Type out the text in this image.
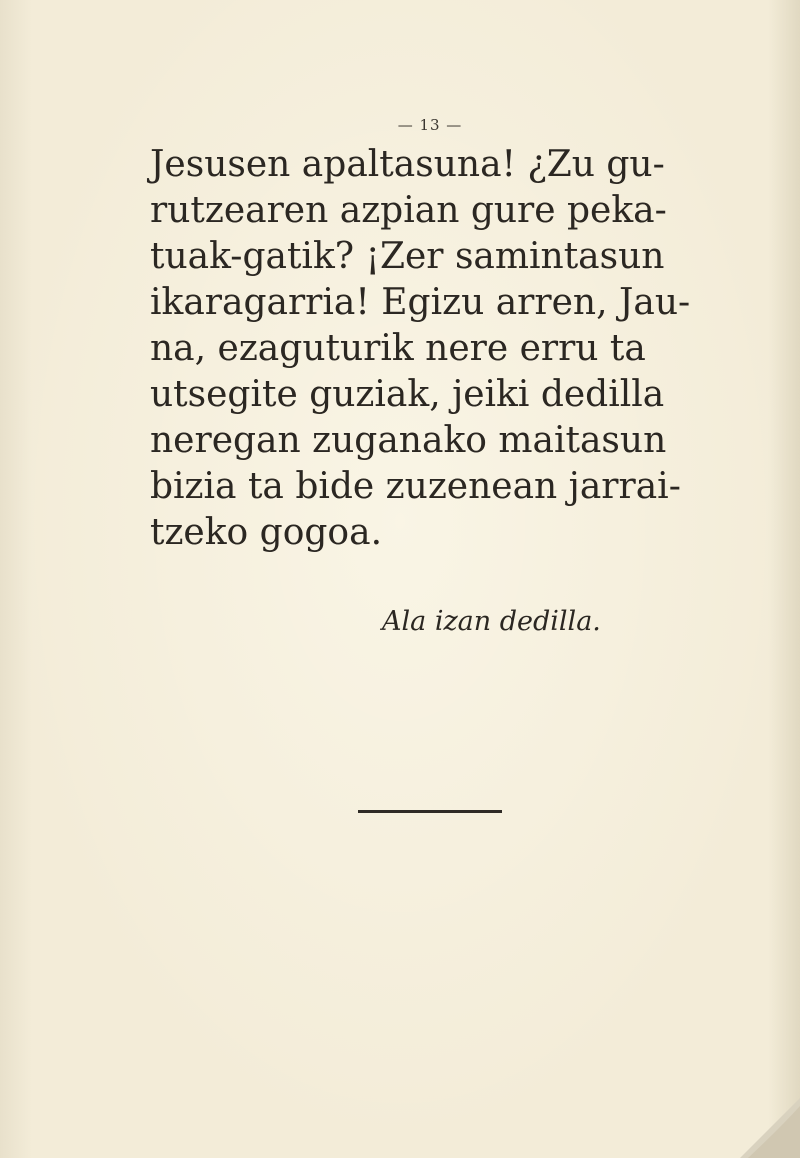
— 13 —
Jesusen apaltasuna! ¿Zu gu-
rutzearen azpian gure peka-
tuak-gatik? ¡Zer samintasun
ikaragarria! Egizu arren, Jau-
na, ezaguturik nere erru ta
utsegite guziak, jeiki dedilla
neregan zuganako maitasun
bizia ta bide zuzenean jarrai-
tzeko gogoa.
Ala izan dedilla.
